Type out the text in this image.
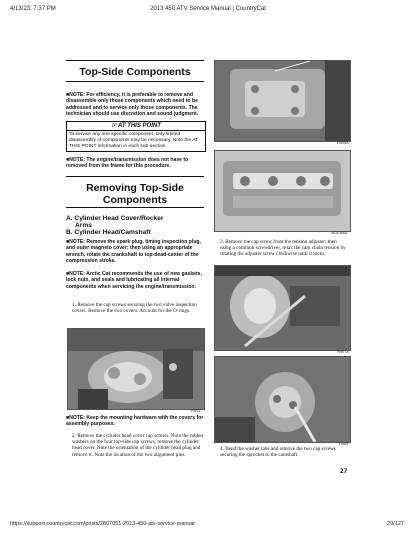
4/13/23, 7:37 PM	2013 450 ATV Service Manual | CountryCat
Top-Side Components
■NOTE: For efficiency, it is preferable to remove and disassemble only those components which need to be addressed and to service only those components. The technician should use discretion and sound judgment.
☞ AT THIS POINT
To service any one specific component, only limited disassembly of components may be necessary. Note the AT THIS POINT information in each sub-section.
■NOTE: The engine/transmission does not have to removed from the frame for this procedure.
Removing Top-Side
Components
A. Cylinder Head Cover/Rocker
Arms
B. Cylinder Head/Camshaft
■NOTE: Remove the spark plug, timing inspection plug, and outer magneto cover; then using an appropriate wrench, rotate the crankshaft to top-dead-center of the compression stroke.
■NOTE: Arctic Cat recommends the use of new gaskets, lock nuts, and seals and lubricating all internal components when servicing the engine/transmission.
1. Remove the cap screws securing the two valve inspection covers. Remove the two covers. Account for the O-rings.
FI602
■NOTE: Keep the mounting hardware with the covers for assembly purposes.
2. Remove the cylinder head cover cap screws. Note the rubber washers on the four top-side cap screws; remove the cylinder head cover. Note the orientation of the cylinder head plug and remove it. Note the location of the two alignment pins.
FI605A
MD1084A
3. Remove the cap screw from the tension adjuster; then using a common screwdriver, relax the cam chain tension by rotating the adjuster screw clockwise until it locks.
FI607A
FI608
4. Bend the washer tabs and remove the two cap screws securing the sprocket to the camshaft.
27
https://support.countrycat.com/posts/2807051-2013-450-atv-service-manual	29/127
